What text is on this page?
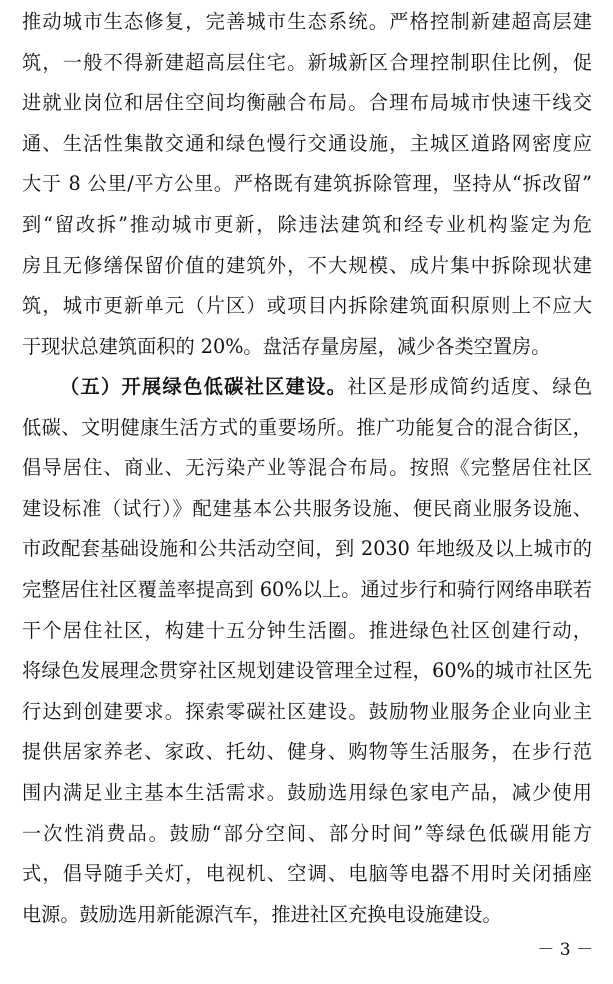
推动城市生态修复，完善城市生态系统。严格控制新建超高层建
筑，一般不得新建超高层住宅。新城新区合理控制职住比例，促
进就业岗位和居住空间均衡融合布局。合理布局城市快速干线交
通、生活性集散交通和绿色慢行交通设施，主城区道路网密度应
大于 8 公里/平方公里。严格既有建筑拆除管理，坚持从“拆改留”
到“留改拆”推动城市更新，除违法建筑和经专业机构鉴定为危
房且无修缮保留价值的建筑外，不大规模、成片集中拆除现状建
筑，城市更新单元（片区）或项目内拆除建筑面积原则上不应大
于现状总建筑面积的 20%。盘活存量房屋，减少各类空置房。
（五）开展绿色低碳社区建设。社区是形成简约适度、绿色
低碳、文明健康生活方式的重要场所。推广功能复合的混合街区，
倡导居住、商业、无污染产业等混合布局。按照《完整居住社区
建设标准（试行）》配建基本公共服务设施、便民商业服务设施、
市政配套基础设施和公共活动空间，到 2030 年地级及以上城市的
完整居住社区覆盖率提高到 60%以上。通过步行和骑行网络串联若
干个居住社区，构建十五分钟生活圈。推进绿色社区创建行动，
将绿色发展理念贯穿社区规划建设管理全过程，60%的城市社区先
行达到创建要求。探索零碳社区建设。鼓励物业服务企业向业主
提供居家养老、家政、托幼、健身、购物等生活服务，在步行范
围内满足业主基本生活需求。鼓励选用绿色家电产品，减少使用
一次性消费品。鼓励“部分空间、部分时间”等绿色低碳用能方
式，倡导随手关灯，电视机、空调、电脑等电器不用时关闭插座
电源。鼓励选用新能源汽车，推进社区充换电设施建设。
－ 3 －
